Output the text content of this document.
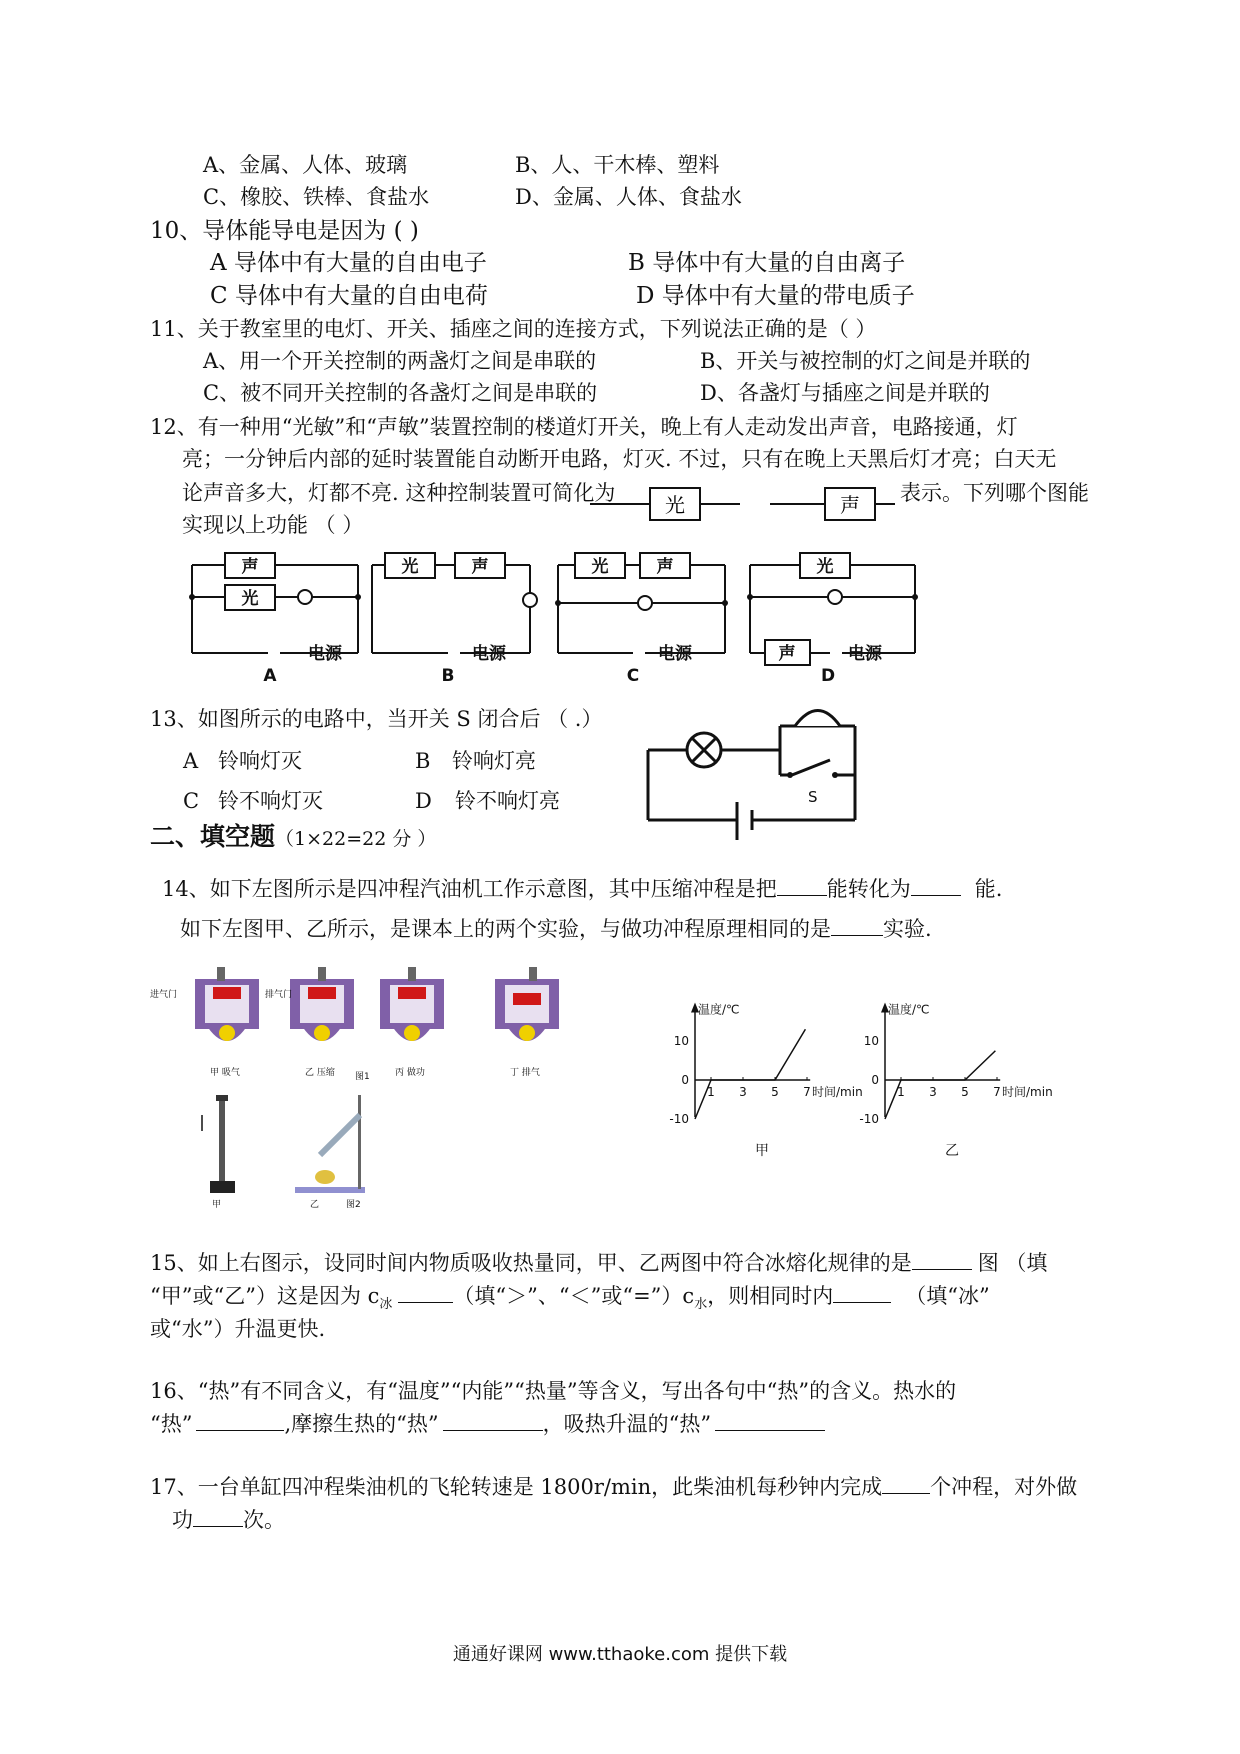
A、金属、人体、玻璃	B、人、干木棒、塑料
C、橡胶、铁棒、食盐水	D、金属、人体、食盐水
10、导体能导电是因为 ( )
A 导体中有大量的自由电子	B 导体中有大量的自由离子
C 导体中有大量的自由电荷	D 导体中有大量的带电质子
11、关于教室里的电灯、开关、插座之间的连接方式，下列说法正确的是（ ）
A、用一个开关控制的两盏灯之间是串联的	B、开关与被控制的灯之间是并联的
C、被不同开关控制的各盏灯之间是串联的	D、各盏灯与插座之间是并联的
12、有一种用“光敏”和“声敏”装置控制的楼道灯开关，晚上有人走动发出声音，电路接通，灯
亮；一分钟后内部的延时装置能自动断开电路，灯灭. 不过，只有在晚上天黑后灯才亮；白天无
论声音多大，灯都不亮. 这种控制装置可简化为	表示。下列哪个图能
实现以上功能 （ ）
光	声
声
光
光	声	光	声	光
声
电源	电源	电源	电源
A	B	C	D
13、如图所示的电路中，当开关 S 闭合后 （ .）
A 铃响灯灭	B 铃响灯亮
C 铃不响灯灭	D 铃不响灯亮	S
二、填空题（1×22=22 分 ）
14、如下左图所示是四冲程汽油机工作示意图，其中压缩冲程是把 能转化为	能.
如下左图甲、乙所示，是课本上的两个实验，与做功冲程原理相同的是 实验.
进气门	排气门
甲 吸气	乙 压缩	丙 做功	丁 排气
图1
甲	乙	图2
温度/℃
10
0
-10
1 3 5 7 时间/min
甲
温度/℃
10
0
-10
1 3 5 7 时间/min
乙
15、如上右图示，设同时间内物质吸收热量同，甲、乙两图中符合冰熔化规律的是	图 （填
“甲”或“乙”）这是因为 $c_冰$	（填“＞”、“＜”或“$=”)c_水$，则相同时内	（填“冰”
或“水”）升温更快.
16、“热”有不同含义，有“温度”“内能”“热量”等含义，写出各句中“热”的含义。热水的
“热”	,摩擦生热的“热”	，吸热升温的“热”
17、一台单缸四冲程柴油机的飞轮转速是 1800r/min，此柴油机每秒钟内完成 个冲程，对外做
功 次。
通通好课网 www.tthaoke.com 提供下载
